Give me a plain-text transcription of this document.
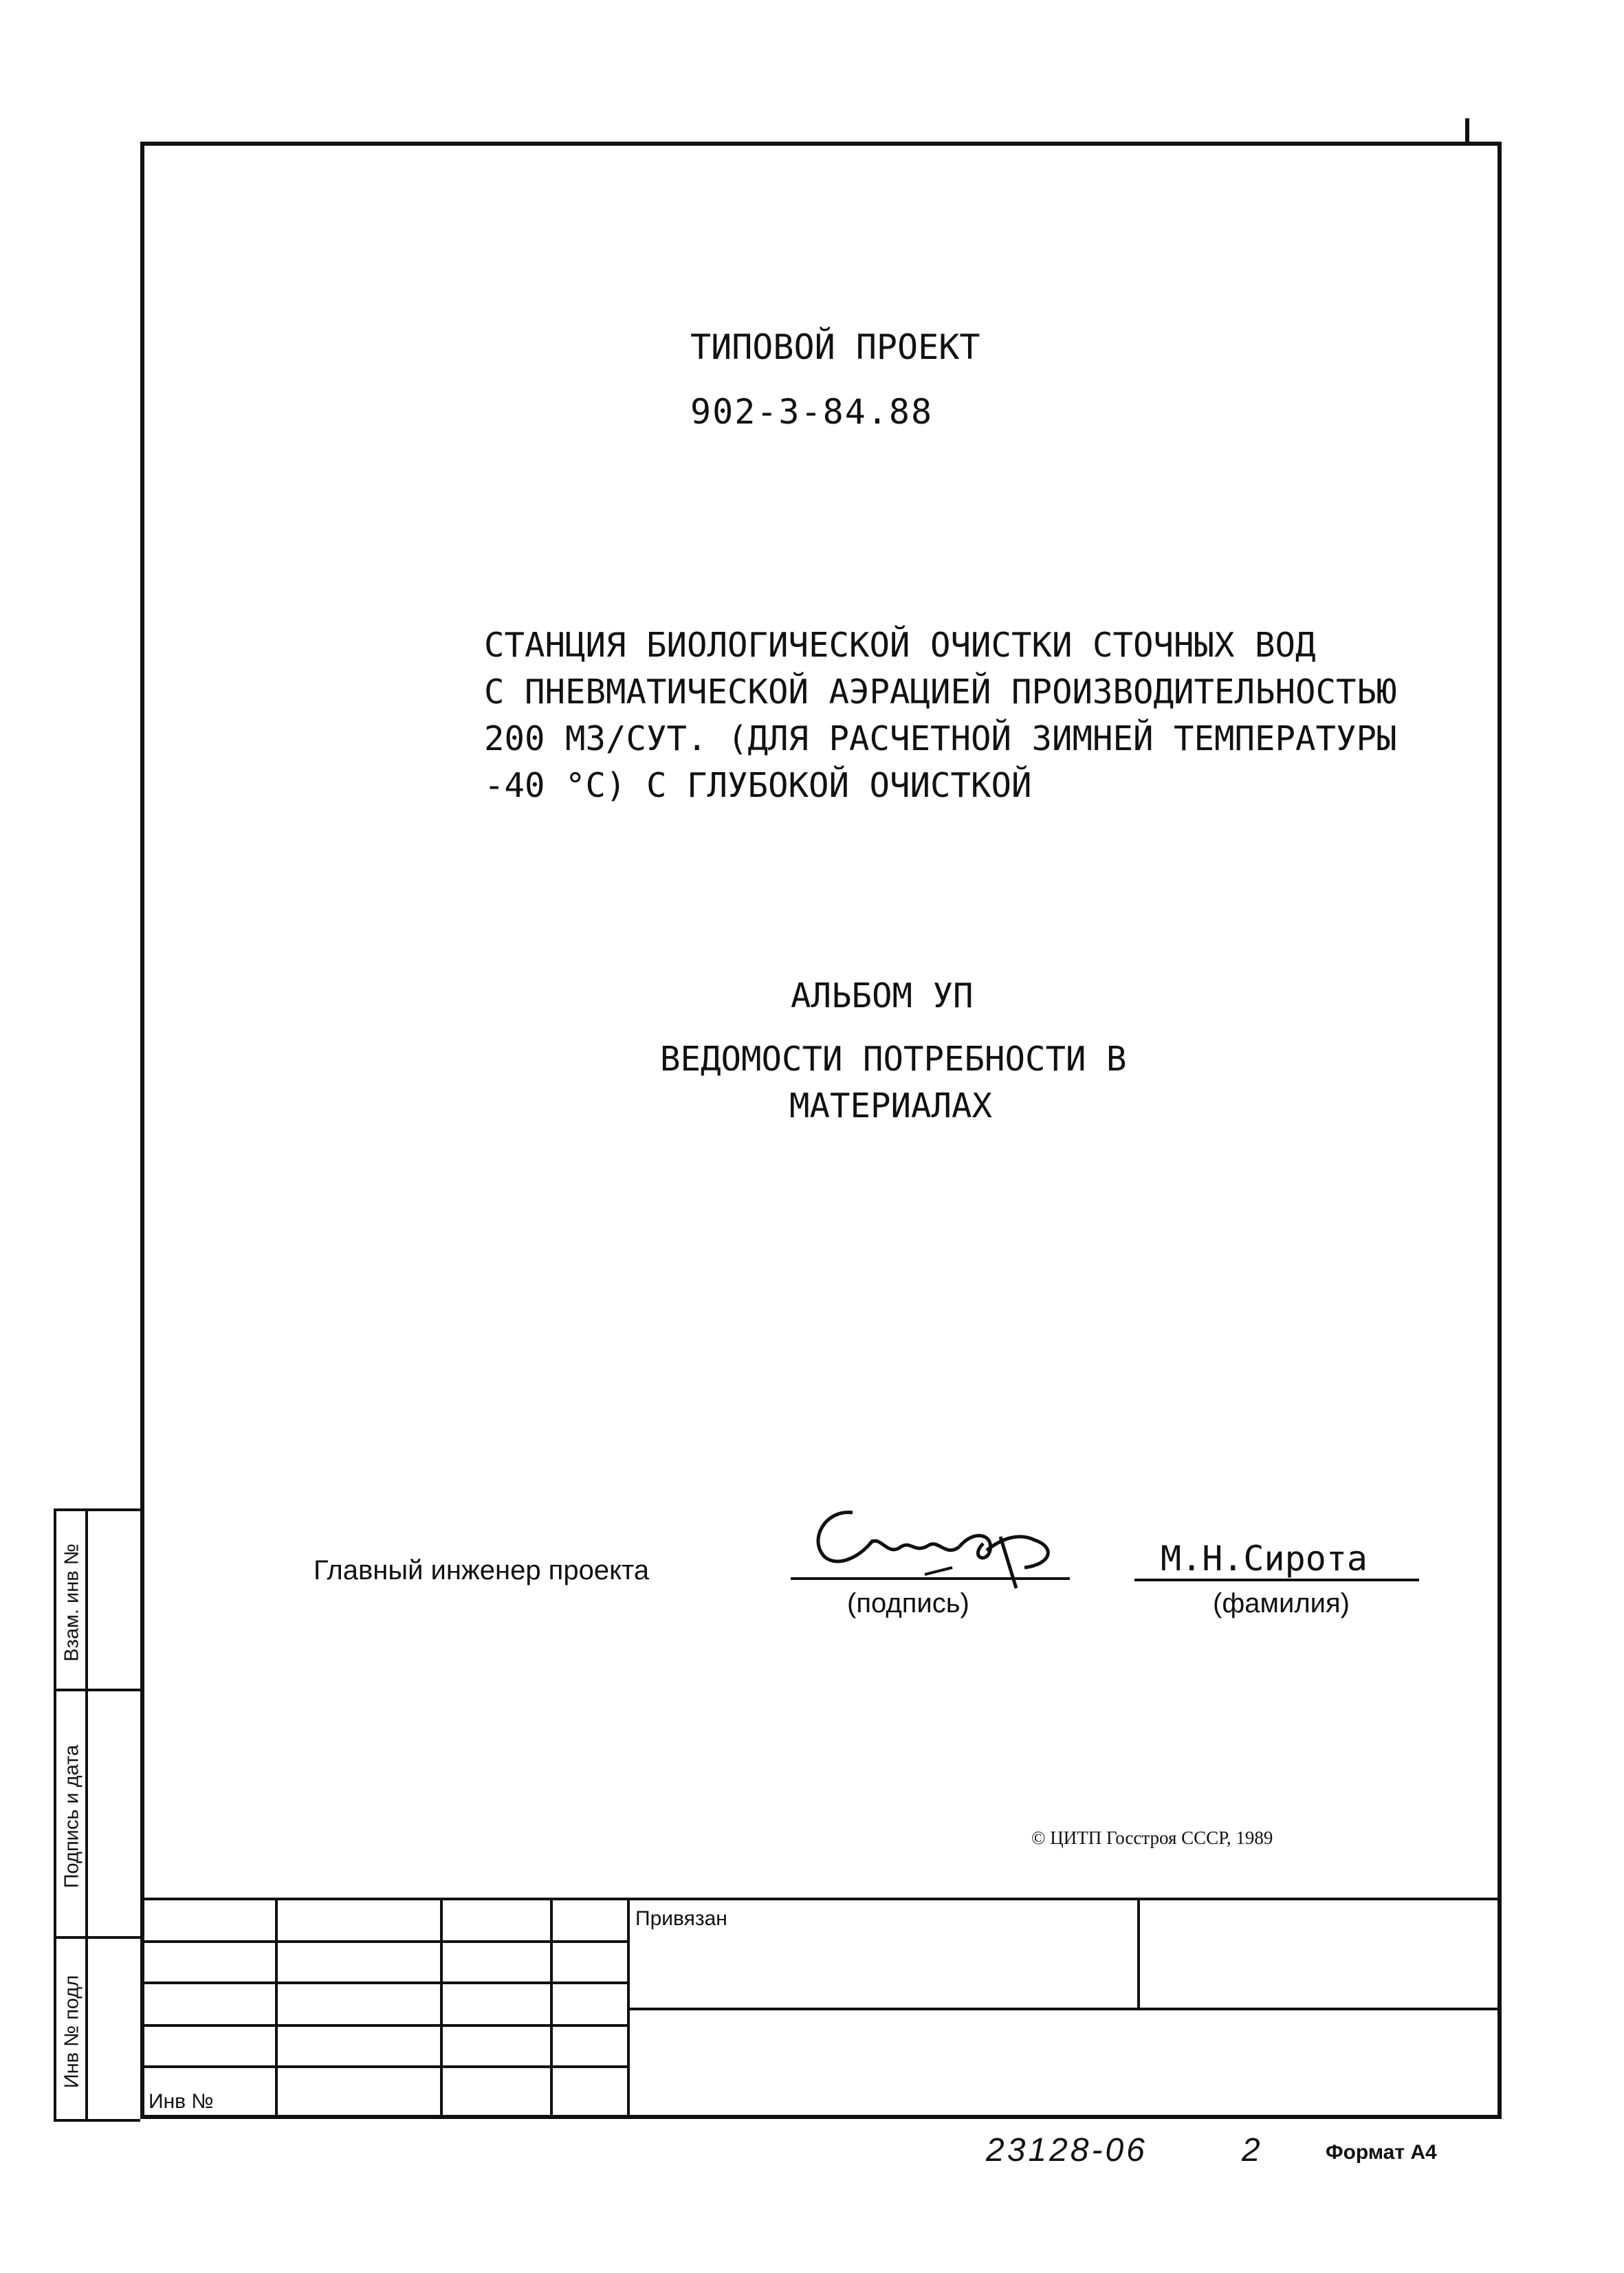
ТИПОВОЙ ПРОЕКТ
902-3-84.88
СТАНЦИЯ БИОЛОГИЧЕСКОЙ ОЧИСТКИ СТОЧНЫХ ВОД
С ПНЕВМАТИЧЕСКОЙ АЭРАЦИЕЙ ПРОИЗВОДИТЕЛЬНОСТЬЮ
200 М3/СУТ. (ДЛЯ РАСЧЕТНОЙ ЗИМНЕЙ ТЕМПЕРАТУРЫ
-40 °С) С ГЛУБОКОЙ ОЧИСТКОЙ
АЛЬБОМ УП
ВЕДОМОСТИ ПОТРЕБНОСТИ В
МАТЕРИАЛАХ
Главный инженер проекта
(подпись)
М.Н.Сирота
(фамилия)
© ЦИТП Госстроя СССР, 1989
Привязан
Инв №
Взам. инв №
Подпись и дата
Инв № подл
23128-06	2	Формат А4
